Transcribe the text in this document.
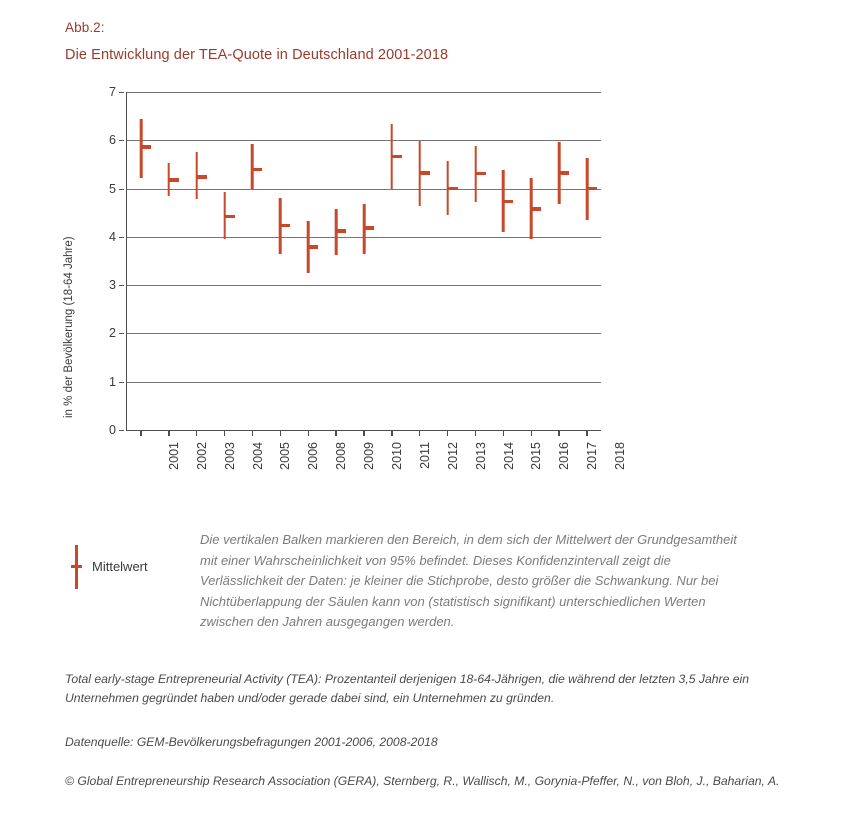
Abb.2:
Die Entwicklung der TEA-Quote in Deutschland 2001-2018
in % der Bevölkerung (18-64 Jahre)
0
1
2
3
4
5
6
7
2001 2002 2003 2004 2005 2006 2008 2009 2010 2011 2012 2013 2014 2015 2016 2017 2018
Mittelwert
Die vertikalen Balken markieren den Bereich, in dem sich der Mittelwert der Grundgesamtheit mit einer Wahrscheinlichkeit von 95% befindet. Dieses Konfidenzintervall zeigt die Verlässlichkeit der Daten: je kleiner die Stichprobe, desto größer die Schwankung. Nur bei Nichtüberlappung der Säulen kann von (statistisch signifikant) unterschiedlichen Werten zwischen den Jahren ausgegangen werden.
Total early-stage Entrepreneurial Activity (TEA): Prozentanteil derjenigen 18-64-Jährigen, die während der letzten 3,5 Jahre ein Unternehmen gegründet haben und/oder gerade dabei sind, ein Unternehmen zu gründen.
Datenquelle: GEM-Bevölkerungsbefragungen 2001-2006, 2008-2018
© Global Entrepreneurship Research Association (GERA), Sternberg, R., Wallisch, M., Gorynia-Pfeffer, N., von Bloh, J., Baharian, A.
